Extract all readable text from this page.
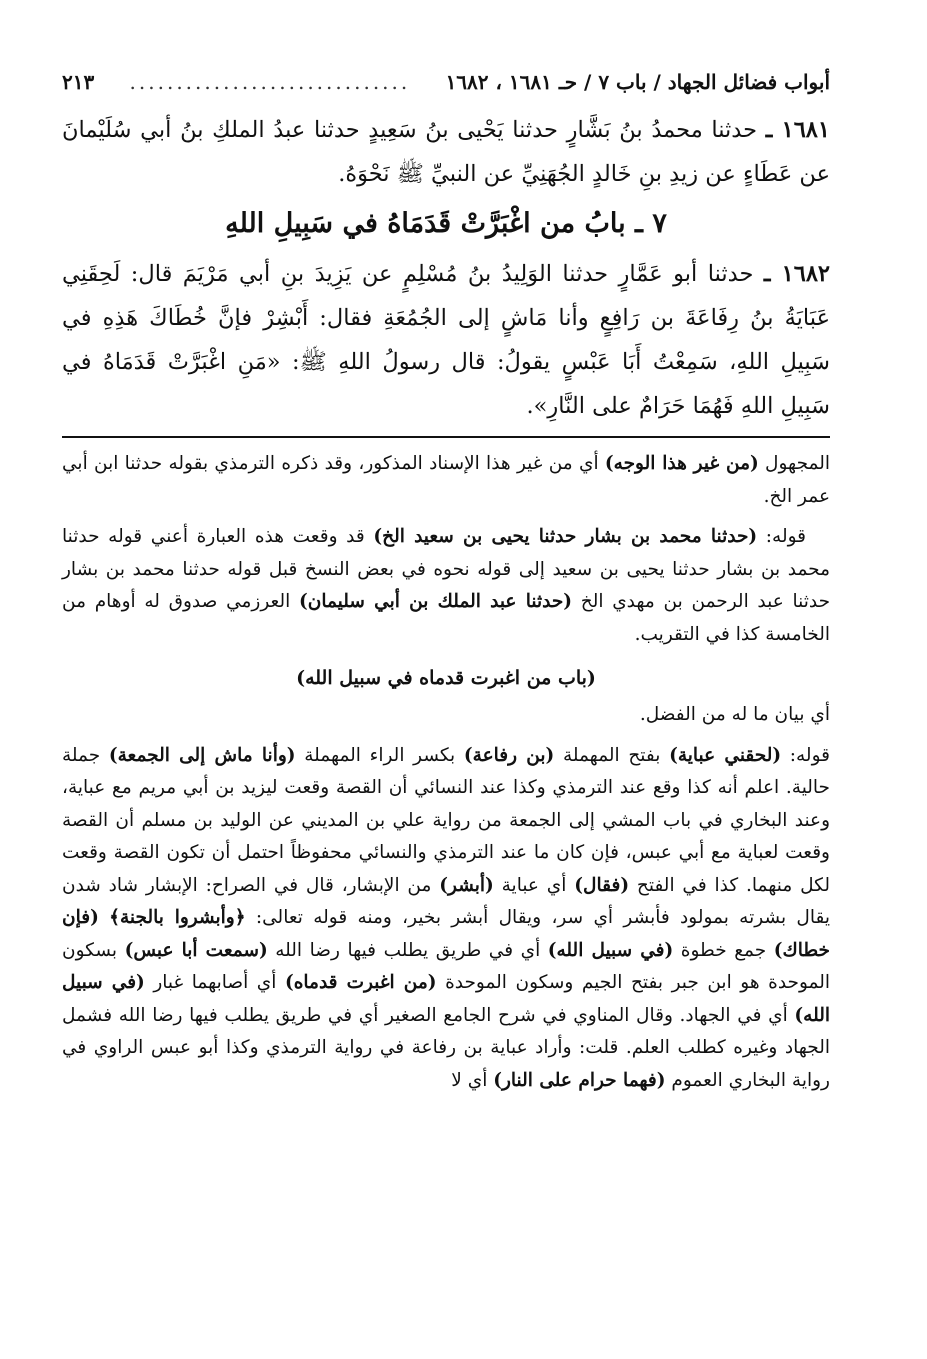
٢١٣	..............................	أبواب فضائل الجهاد / باب ٧ / حـ ١٦٨١ ، ١٦٨٢

١٦٨١ ـ حدثنا محمدُ بنُ بَشَّارٍ حدثنا يَحْيى بنُ سَعِيدٍ حدثنا عبدُ الملكِ بنُ أبي سُلَيْمانَ عن عَطَاءٍ عن زيدِ بنِ خَالدٍ الجُهَنِيِّ عن النبيِّ ﷺ نَحْوَهُ.

٧ ـ بابُ من اغْبَرَّتْ قَدَمَاهُ في سَبِيلِ اللهِ

١٦٨٢ ـ حدثنا أبو عَمَّارٍ حدثنا الوَلِيدُ بنُ مُسْلِمٍ عن يَزِيدَ بنِ أبي مَرْيَمَ قال: لَحِقَنِي عَبَايَةُ بنُ رِفَاعَةَ بن رَافِعٍ وأنا مَاشٍ إلى الجُمُعَةِ فقال: أَبْشِرْ فإنَّ خُطَاكَ هَذِهِ في سَبِيلِ اللهِ، سَمِعْتُ أَبَا عَبْسٍ يقولُ: قال رسولُ اللهِ ﷺ: «مَنِ اغْبَرَّتْ قَدَمَاهُ في سَبِيلِ اللهِ فَهُمَا حَرَامٌ على النَّارِ».

المجهول (من غير هذا الوجه) أي من غير هذا الإسناد المذكور، وقد ذكره الترمذي بقوله حدثنا ابن أبي عمر الخ.

قوله: (حدثنا محمد بن بشار حدثنا يحيى بن سعيد الخ) قد وقعت هذه العبارة أعني قوله حدثنا محمد بن بشار حدثنا يحيى بن سعيد إلى قوله نحوه في بعض النسخ قبل قوله حدثنا محمد بن بشار حدثنا عبد الرحمن بن مهدي الخ (حدثنا عبد الملك بن أبي سليمان) العرزمي صدوق له أوهام من الخامسة كذا في التقريب.

(باب من اغبرت قدماه في سبيل الله)

أي بيان ما له من الفضل.

قوله: (لحقني عباية) بفتح المهملة (بن رفاعة) بكسر الراء المهملة (وأنا ماش إلى الجمعة) جملة حالية. اعلم أنه كذا وقع عند الترمذي وكذا عند النسائي أن القصة وقعت ليزيد بن أبي مريم مع عباية، وعند البخاري في باب المشي إلى الجمعة من رواية علي بن المديني عن الوليد بن مسلم أن القصة وقعت لعباية مع أبي عبس، فإن كان ما عند الترمذي والنسائي محفوظاً احتمل أن تكون القصة وقعت لكل منهما. كذا في الفتح (فقال) أي عباية (أبشر) من الإبشار، قال في الصراح: الإبشار شاد شدن يقال بشرته بمولود فأبشر أي سر، ويقال أبشر بخير، ومنه قوله تعالى: ﴿وأبشروا بالجنة﴾ (فإن خطاك) جمع خطوة (في سبيل الله) أي في طريق يطلب فيها رضا الله (سمعت أبا عبس) بسكون الموحدة هو ابن جبر بفتح الجيم وسكون الموحدة (من اغبرت قدماه) أي أصابهما غبار (في سبيل الله) أي في الجهاد. وقال المناوي في شرح الجامع الصغير أي في طريق يطلب فيها رضا الله فشمل الجهاد وغيره كطلب العلم. قلت: وأراد عباية بن رفاعة في رواية الترمذي وكذا أبو عبس الراوي في رواية البخاري العموم (فهما حرام على النار) أي لا
